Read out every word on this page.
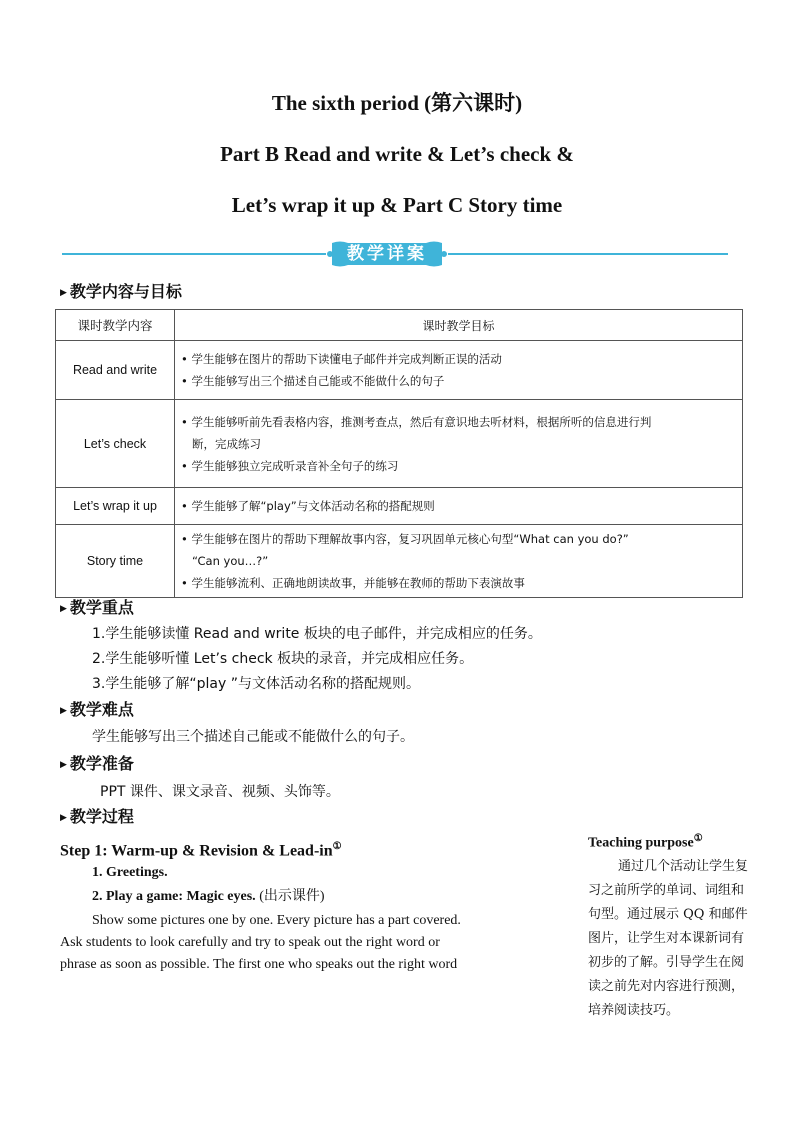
The sixth period (第六课时)
Part B Read and write & Let’s check &
Let’s wrap it up & Part C Story time
教学详案
▶ 教学内容与目标
课时教学内容	课时教学目标
Read and write	• 学生能够在图片的帮助下读懂电子邮件并完成判断正误的活动
• 学生能够写出三个描述自己能或不能做什么的句子

Let’s check	• 学生能够听前先看表格内容，推测考查点，然后有意识地去听材料，根据所听的信息进行判
断，完成练习
• 学生能够独立完成听录音补全句子的练习

Let’s wrap it up	• 学生能够了解“play”与文体活动名称的搭配规则

Story time	• 学生能够在图片的帮助下理解故事内容，复习巩固单元核心句型“What can you do?”
“Can you…?”
• 学生能够流利、正确地朗读故事，并能够在教师的帮助下表演故事
▶ 教学重点
1.学生能够读懂 Read and write 板块的电子邮件，并完成相应的任务。
2.学生能够听懂 Let’s check 板块的录音，并完成相应任务。
3.学生能够了解“play ”与文体活动名称的搭配规则。
▶ 教学难点
学生能够写出三个描述自己能或不能做什么的句子。
▶ 教学准备
PPT 课件、课文录音、视频、头饰等。
▶ 教学过程
Step 1: Warm-up & Revision & Lead-in①
1. Greetings.
2. Play a game: Magic eyes. (出示课件)
Show some pictures one by one. Every picture has a part covered.
Ask students to look carefully and try to speak out the right word or
phrase as soon as possible. The first one who speaks out the right word
Teaching purpose①
通过几个活动让学生复
习之前所学的单词、词组和
句型。通过展示 QQ 和邮件
图片，让学生对本课新词有
初步的了解。引导学生在阅
读之前先对内容进行预测，
培养阅读技巧。
